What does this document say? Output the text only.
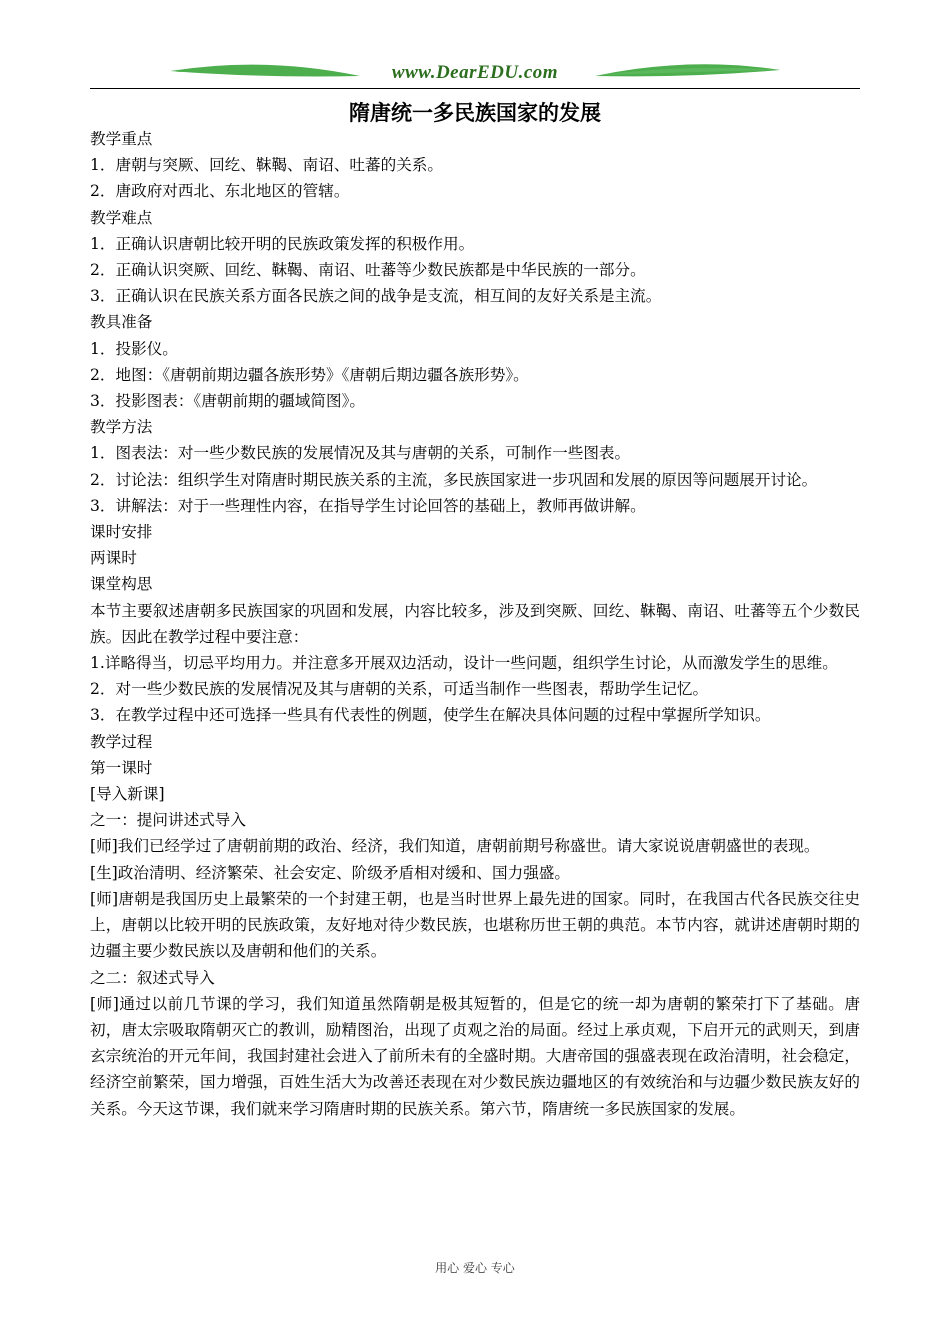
www.DearEDU.com
隋唐统一多民族国家的发展

教学重点

1．唐朝与突厥、回纥、靺鞨、南诏、吐蕃的关系。

2．唐政府对西北、东北地区的管辖。

教学难点

1．正确认识唐朝比较开明的民族政策发挥的积极作用。

2．正确认识突厥、回纥、靺鞨、南诏、吐蕃等少数民族都是中华民族的一部分。

3．正确认识在民族关系方面各民族之间的战争是支流，相互间的友好关系是主流。

教具准备

1．投影仪。

2．地图：《唐朝前期边疆各族形势》《唐朝后期边疆各族形势》。

3．投影图表：《唐朝前期的疆域简图》。

教学方法

1．图表法：对一些少数民族的发展情况及其与唐朝的关系，可制作一些图表。

2．讨论法：组织学生对隋唐时期民族关系的主流，多民族国家进一步巩固和发展的原因等问题展开讨论。

3．讲解法：对于一些理性内容，在指导学生讨论回答的基础上，教师再做讲解。

课时安排

两课时

课堂构思

本节主要叙述唐朝多民族国家的巩固和发展，内容比较多，涉及到突厥、回纥、靺鞨、南诏、吐蕃等五个少数民族。因此在教学过程中要注意：

1.详略得当，切忌平均用力。并注意多开展双边活动，设计一些问题，组织学生讨论，从而激发学生的思维。

2．对一些少数民族的发展情况及其与唐朝的关系，可适当制作一些图表，帮助学生记忆。

3．在教学过程中还可选择一些具有代表性的例题，使学生在解决具体问题的过程中掌握所学知识。

教学过程

第一课时

[导入新课]

之一：提问讲述式导入

[师]我们已经学过了唐朝前期的政治、经济，我们知道，唐朝前期号称盛世。请大家说说唐朝盛世的表现。

[生]政治清明、经济繁荣、社会安定、阶级矛盾相对缓和、国力强盛。

[师]唐朝是我国历史上最繁荣的一个封建王朝，也是当时世界上最先进的国家。同时，在我国古代各民族交往史上，唐朝以比较开明的民族政策，友好地对待少数民族，也堪称历世王朝的典范。本节内容，就讲述唐朝时期的边疆主要少数民族以及唐朝和他们的关系。

之二：叙述式导入

[师]通过以前几节课的学习，我们知道虽然隋朝是极其短暂的，但是它的统一却为唐朝的繁荣打下了基础。唐初，唐太宗吸取隋朝灭亡的教训，励精图治，出现了贞观之治的局面。经过上承贞观，下启开元的武则天，到唐玄宗统治的开元年间，我国封建社会进入了前所未有的全盛时期。大唐帝国的强盛表现在政治清明，社会稳定，经济空前繁荣，国力增强，百姓生活大为改善还表现在对少数民族边疆地区的有效统治和与边疆少数民族友好的关系。今天这节课，我们就来学习隋唐时期的民族关系。第六节，隋唐统一多民族国家的发展。

用心 爱心 专心
